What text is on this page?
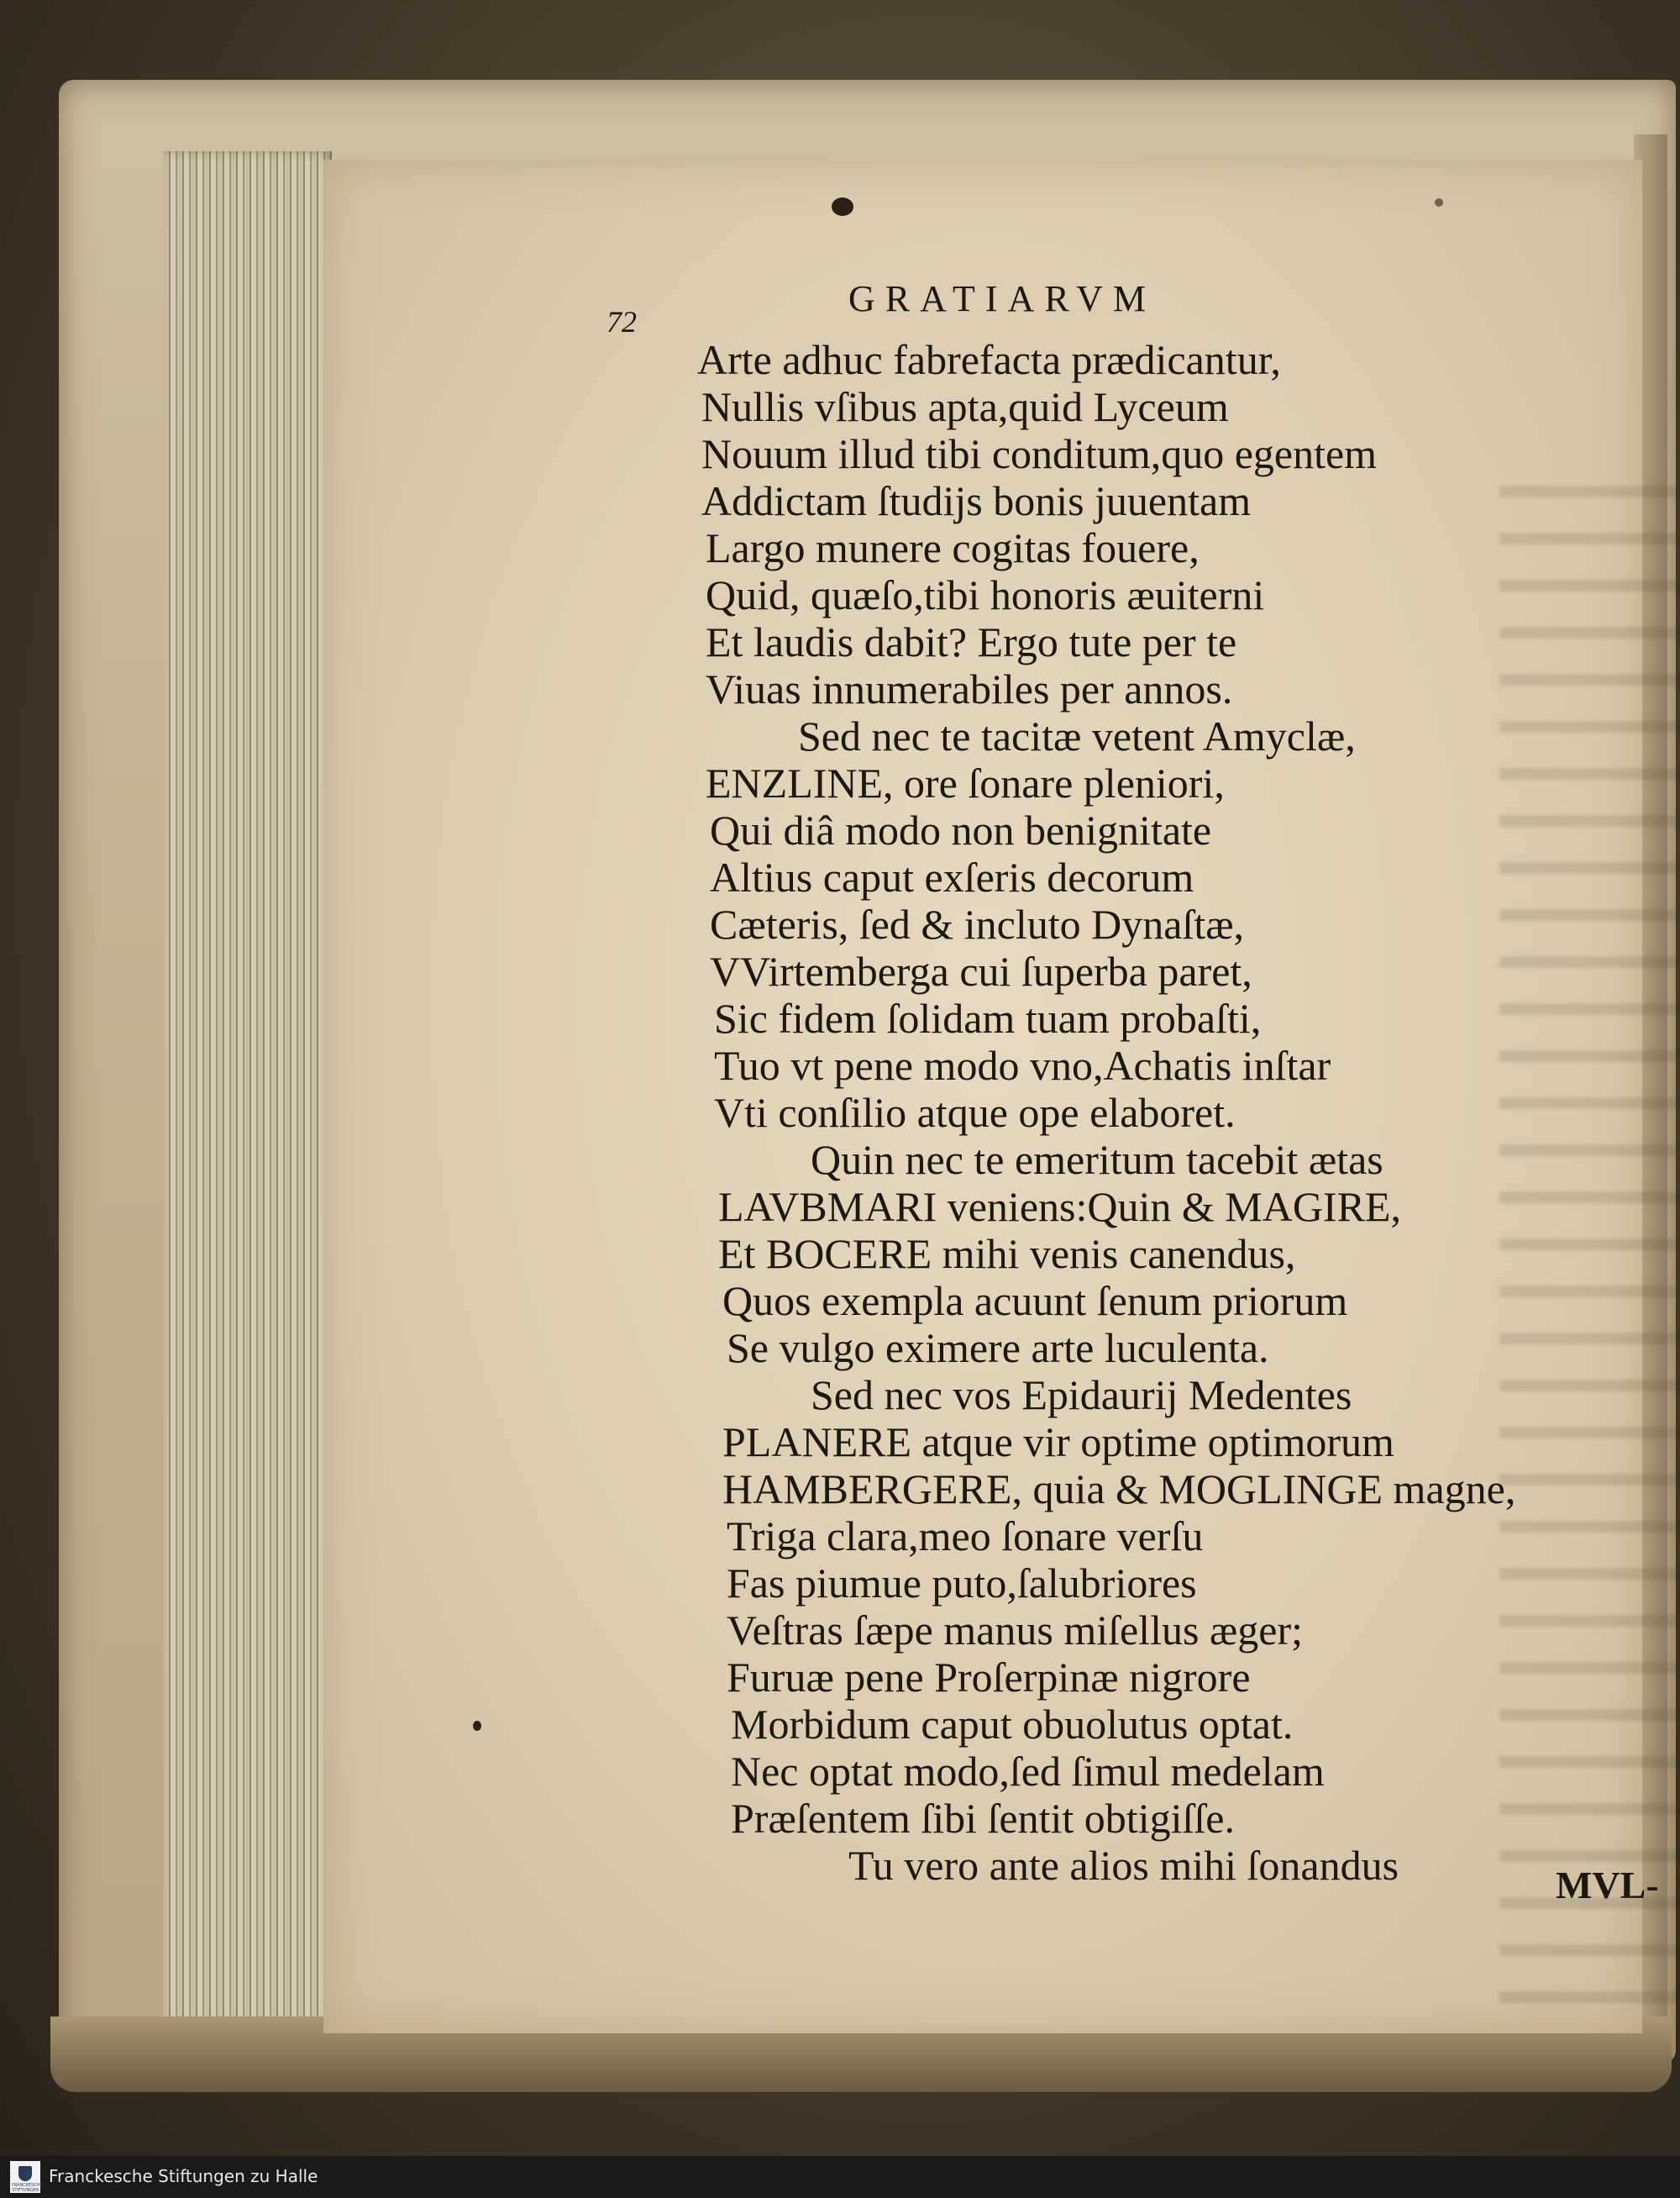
72
GRATIARVM
Arte adhuc fabrefacta prædicantur,
Nullis vſibus apta,quid Lyceum
Nouum illud tibi conditum,quo egentem
Addictam ſtudijs bonis juuentam
Largo munere cogitas fouere,
Quid, quæſo,tibi honoris æuiterni
Et laudis dabit? Ergo tute per te
Viuas innumerabiles per annos.
Sed nec te tacitæ vetent Amyclæ,
ENZLINE, ore ſonare pleniori,
Qui diâ modo non benignitate
Altius caput exſeris decorum
Cæteris, ſed & incluto Dynaſtæ,
VVirtemberga cui ſuperba paret,
Sic fidem ſolidam tuam probaſti,
Tuo vt pene modo vno,Achatis inſtar
Vti conſilio atque ope elaboret.
Quin nec te emeritum tacebit ætas
LAVBMARI veniens:Quin & MAGIRE,
Et BOCERE mihi venis canendus,
Quos exempla acuunt ſenum priorum
Se vulgo eximere arte luculenta.
Sed nec vos Epidaurij Medentes
PLANERE atque vir optime optimorum
HAMBERGERE, quia & MOGLINGE magne,
Triga clara,meo ſonare verſu
Fas piumue puto,ſalubriores
Veſtras ſæpe manus miſellus æger;
Furuæ pene Proſerpinæ nigrore
Morbidum caput obuolutus optat.
Nec optat modo,ſed ſimul medelam
Præſentem ſibi ſentit obtigiſſe.
Tu vero ante alios mihi ſonandus	MVL-
FRANCKESCHE STIFTUNGEN
Franckesche Stiftungen zu Halle
